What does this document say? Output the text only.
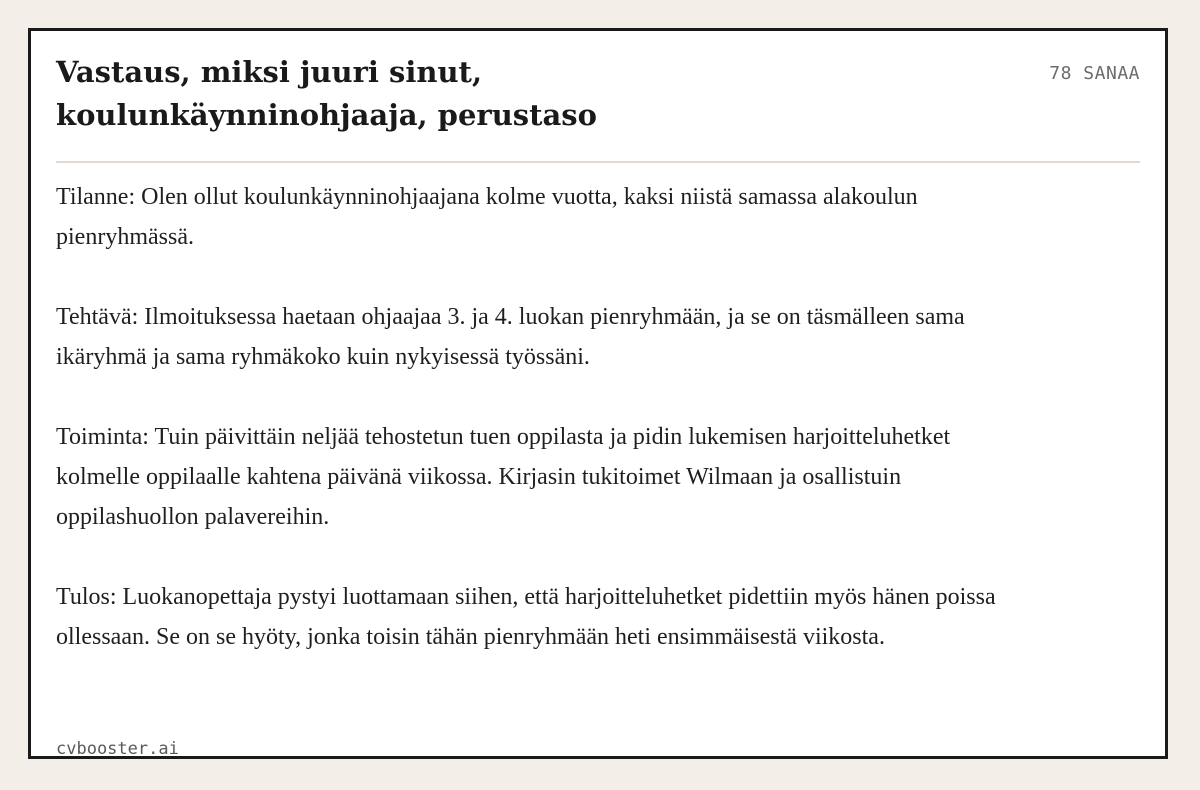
Vastaus, miksi juuri sinut, koulunkäynninohjaaja, perustaso
78 SANAA

Tilanne: Olen ollut koulunkäynninohjaajana kolme vuotta, kaksi niistä samassa alakoulun pienryhmässä.

Tehtävä: Ilmoituksessa haetaan ohjaajaa 3. ja 4. luokan pienryhmään, ja se on täsmälleen sama ikäryhmä ja sama ryhmäkoko kuin nykyisessä työssäni.

Toiminta: Tuin päivittäin neljää tehostetun tuen oppilasta ja pidin lukemisen harjoitteluhetket kolmelle oppilaalle kahtena päivänä viikossa. Kirjasin tukitoimet Wilmaan ja osallistuin oppilashuollon palavereihin.

Tulos: Luokanopettaja pystyi luottamaan siihen, että harjoitteluhetket pidettiin myös hänen poissa ollessaan. Se on se hyöty, jonka toisin tähän pienryhmään heti ensimmäisestä viikosta.

cvbooster.ai
